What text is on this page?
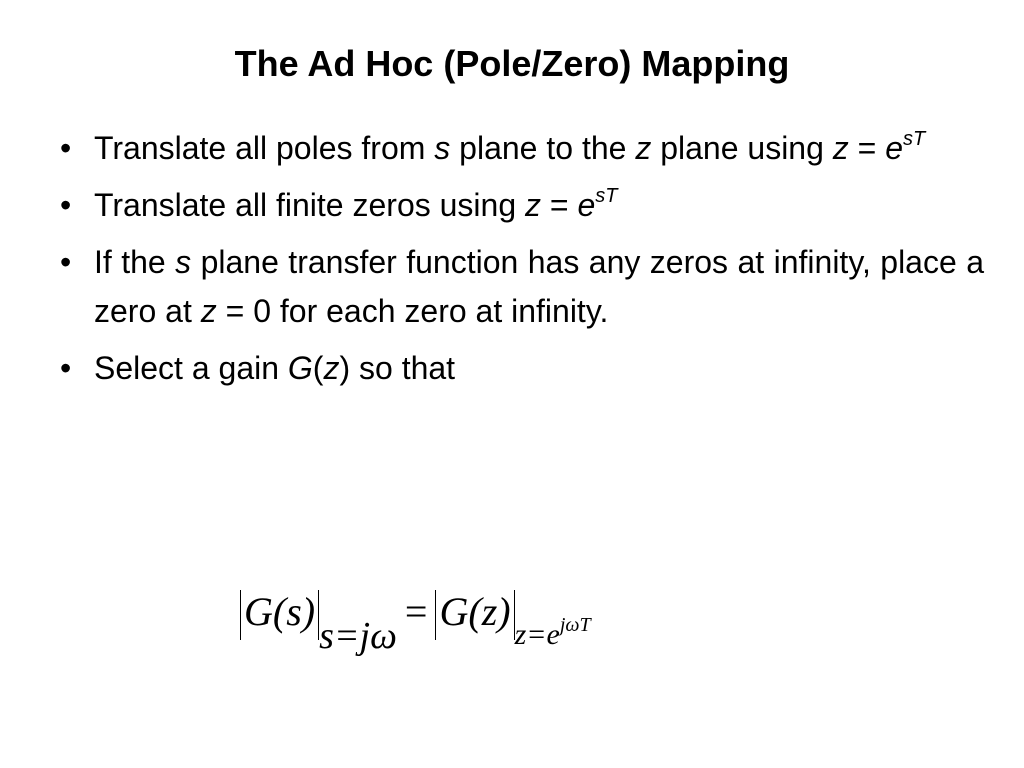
The Ad Hoc (Pole/Zero) Mapping
• Translate all poles from s plane to the z plane using $z = e^{sT}$
• Translate all finite zeros using $z = e^{sT}$
• If the s plane transfer function has any zeros at infinity, place a zero at z = 0 for each zero at infinity.
• Select a gain G(z) so that
G(s)s=jω= G(z)z=ejωT
